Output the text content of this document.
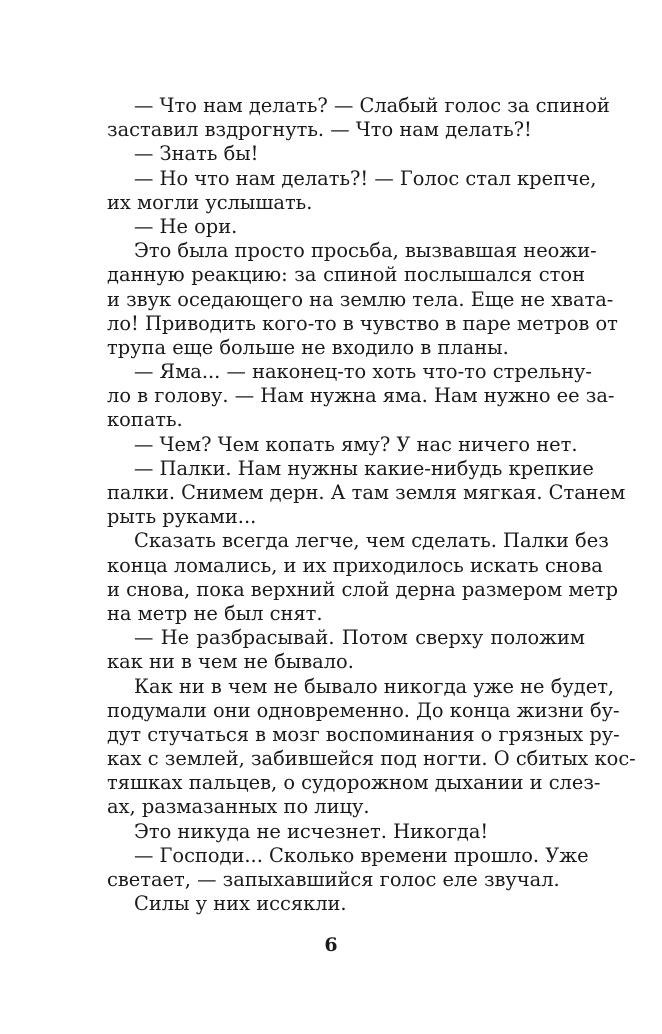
— Что нам делать? — Слабый голос за спиной
заставил вздрогнуть. — Что нам делать?!
— Знать бы!
— Но что нам делать?! — Голос стал крепче,
их могли услышать.
— Не ори.
Это была просто просьба, вызвавшая неожи-
данную реакцию: за спиной послышался стон
и звук оседающего на землю тела. Еще не хвата-
ло! Приводить кого-то в чувство в паре метров от
трупа еще больше не входило в планы.
— Яма... — наконец-то хоть что-то стрельну-
ло в голову. — Нам нужна яма. Нам нужно ее за-
копать.
— Чем? Чем копать яму? У нас ничего нет.
— Палки. Нам нужны какие-нибудь крепкие
палки. Снимем дерн. А там земля мягкая. Станем
рыть руками...
Сказать всегда легче, чем сделать. Палки без
конца ломались, и их приходилось искать снова
и снова, пока верхний слой дерна размером метр
на метр не был снят.
— Не разбрасывай. Потом сверху положим
как ни в чем не бывало.
Как ни в чем не бывало никогда уже не будет,
подумали они одновременно. До конца жизни бу-
дут стучаться в мозг воспоминания о грязных ру-
ках с землей, забившейся под ногти. О сбитых кос-
тяшках пальцев, о судорожном дыхании и слез-
ах, размазанных по лицу.
Это никуда не исчезнет. Никогда!
— Господи... Сколько времени прошло. Уже
светает, — запыхавшийся голос еле звучал.
Силы у них иссякли.
6
